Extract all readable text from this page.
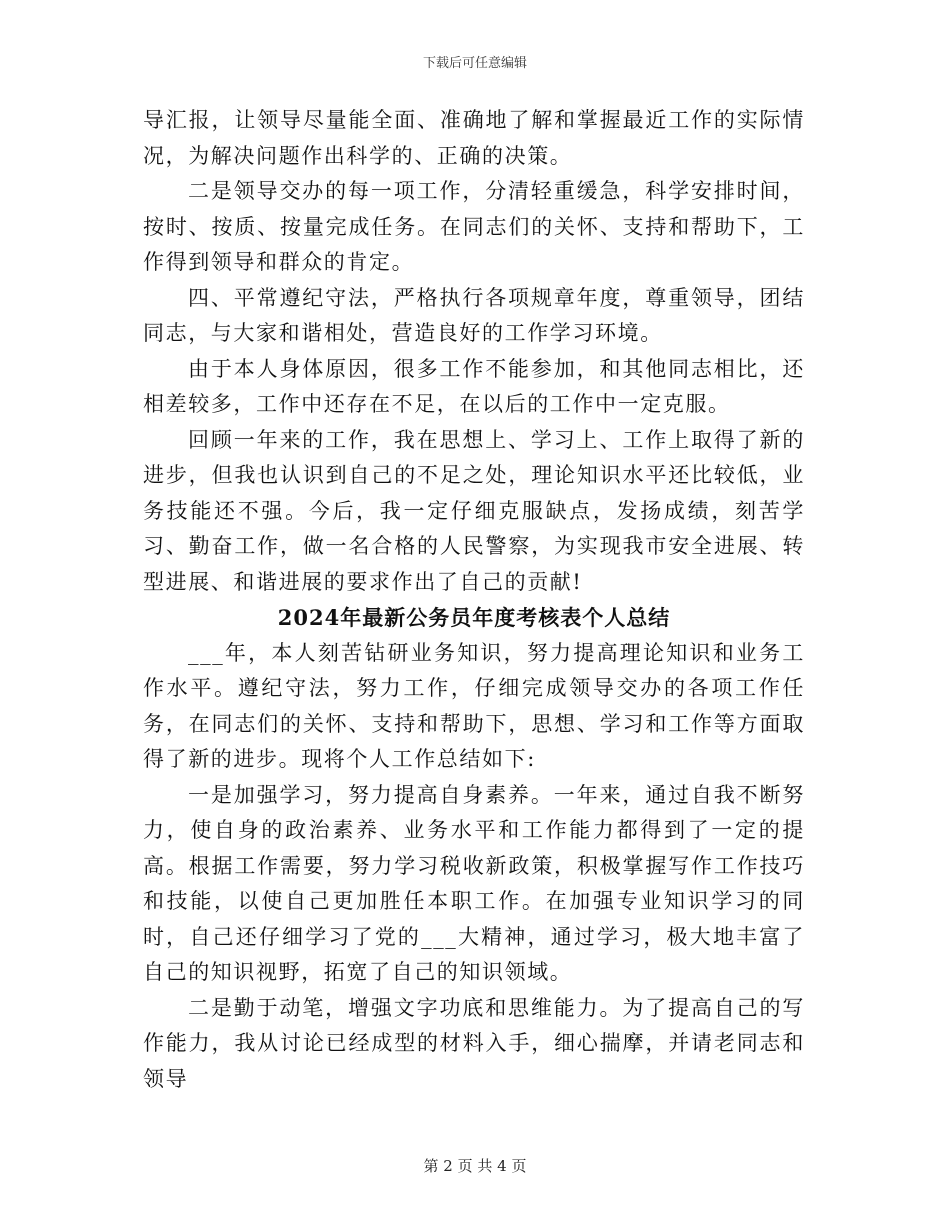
下载后可任意编辑

导汇报，让领导尽量能全面、准确地了解和掌握最近工作的实际情况，为解决问题作出科学的、正确的决策。

二是领导交办的每一项工作，分清轻重缓急，科学安排时间，按时、按质、按量完成任务。在同志们的关怀、支持和帮助下，工作得到领导和群众的肯定。

四、平常遵纪守法，严格执行各项规章年度，尊重领导，团结同志，与大家和谐相处，营造良好的工作学习环境。

由于本人身体原因，很多工作不能参加，和其他同志相比，还相差较多，工作中还存在不足，在以后的工作中一定克服。

回顾一年来的工作，我在思想上、学习上、工作上取得了新的进步，但我也认识到自己的不足之处，理论知识水平还比较低，业务技能还不强。今后，我一定仔细克服缺点，发扬成绩，刻苦学习、勤奋工作，做一名合格的人民警察，为实现我市安全进展、转型进展、和谐进展的要求作出了自己的贡献!

2024年最新公务员年度考核表个人总结

___年，本人刻苦钻研业务知识，努力提高理论知识和业务工作水平。遵纪守法，努力工作，仔细完成领导交办的各项工作任务，在同志们的关怀、支持和帮助下，思想、学习和工作等方面取得了新的进步。现将个人工作总结如下:

一是加强学习，努力提高自身素养。一年来，通过自我不断努力，使自身的政治素养、业务水平和工作能力都得到了一定的提高。根据工作需要，努力学习税收新政策，积极掌握写作工作技巧和技能，以使自己更加胜任本职工作。在加强专业知识学习的同时，自己还仔细学习了党的___大精神，通过学习，极大地丰富了自己的知识视野，拓宽了自己的知识领域。

二是勤于动笔，增强文字功底和思维能力。为了提高自己的写作能力，我从讨论已经成型的材料入手，细心揣摩，并请老同志和领导

第 2 页 共 4 页
